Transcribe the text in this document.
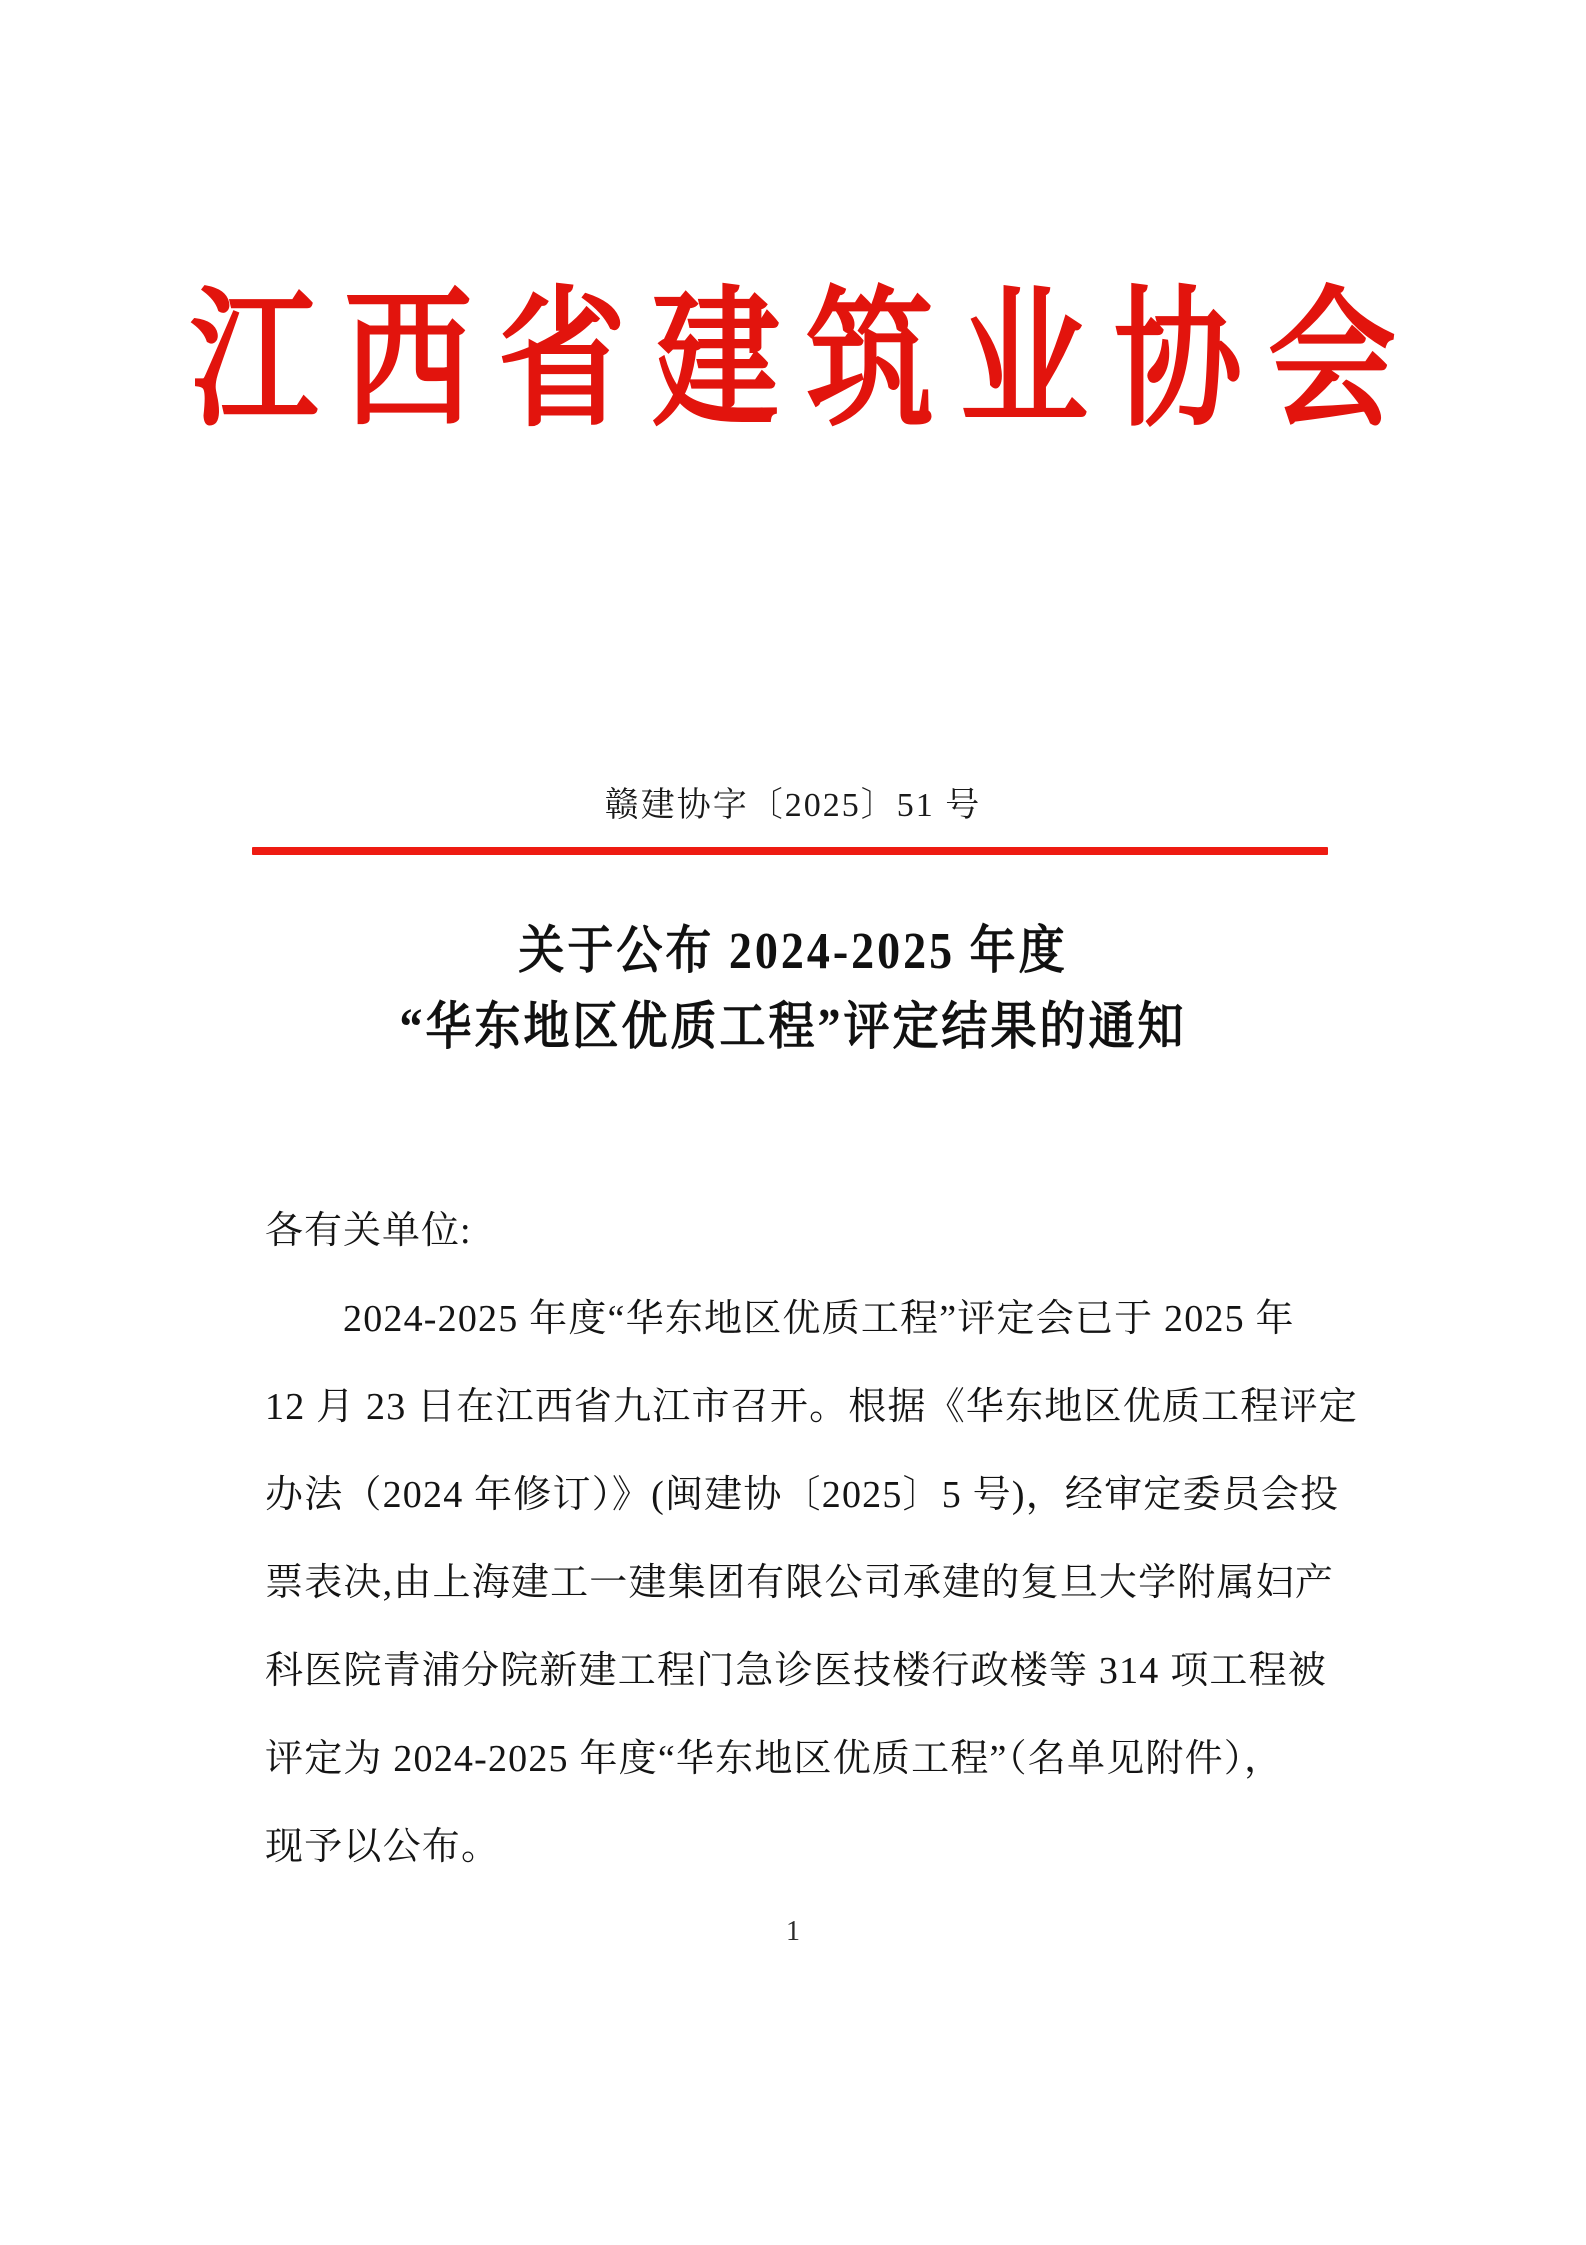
江西省建筑业协会
赣建协字〔2025〕51 号
关于公布 2024-2025 年度
“华东地区优质工程”评定结果的通知
各有关单位:
2024-2025 年度“华东地区优质工程”评定会已于 2025 年
12 月 23 日在江西省九江市召开。根据《华东地区优质工程评定
办法（2024 年修订）》(闽建协〔2025〕5 号)，经审定委员会投
票表决,由上海建工一建集团有限公司承建的复旦大学附属妇产
科医院青浦分院新建工程门急诊医技楼行政楼等 314 项工程被
评定为 2024-2025 年度“华东地区优质工程”（名单见附件），
现予以公布。
1
